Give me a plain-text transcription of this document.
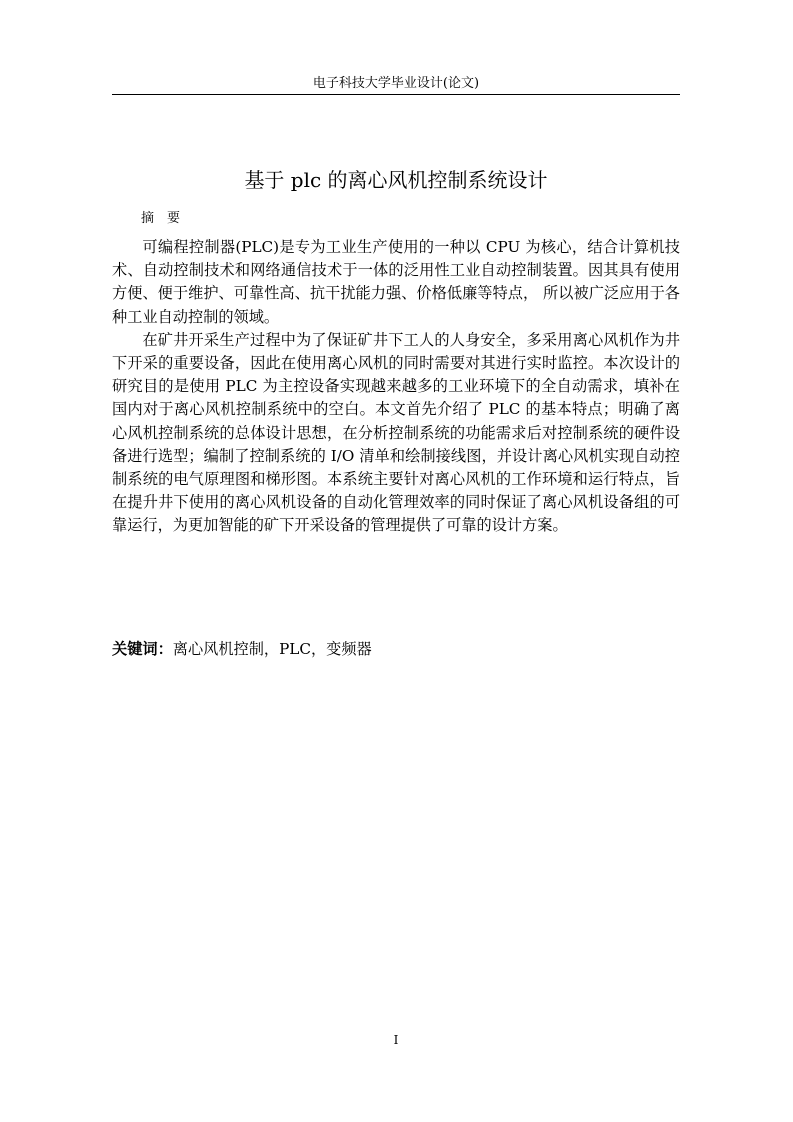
电子科技大学毕业设计(论文)
基于 plc 的离心风机控制系统设计
摘　要

可编程控制器(PLC)是专为工业生产使用的一种以 CPU 为核心，结合计算机技术、自动控制技术和网络通信技术于一体的泛用性工业自动控制装置。因其具有使用方便、便于维护、可靠性高、抗干扰能力强、价格低廉等特点， 所以被广泛应用于各种工业自动控制的领域。

在矿井开采生产过程中为了保证矿井下工人的人身安全，多采用离心风机作为井下开采的重要设备，因此在使用离心风机的同时需要对其进行实时监控。本次设计的研究目的是使用 PLC 为主控设备实现越来越多的工业环境下的全自动需求，填补在国内对于离心风机控制系统中的空白。本文首先介绍了 PLC 的基本特点；明确了离心风机控制系统的总体设计思想，在分析控制系统的功能需求后对控制系统的硬件设备进行选型；编制了控制系统的 I/O 清单和绘制接线图，并设计离心风机实现自动控制系统的电气原理图和梯形图。本系统主要针对离心风机的工作环境和运行特点，旨在提升井下使用的离心风机设备的自动化管理效率的同时保证了离心风机设备组的可靠运行，为更加智能的矿下开采设备的管理提供了可靠的设计方案。

关键词：离心风机控制，PLC，变频器
I
